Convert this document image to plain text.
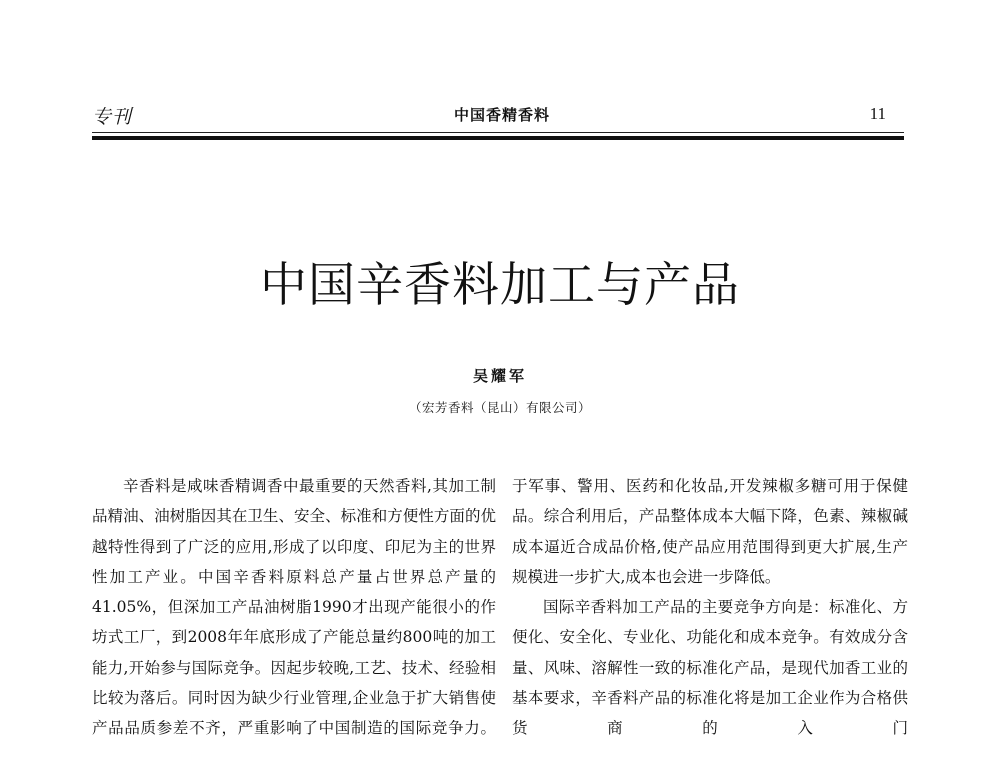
专刊	中国香精香料	11
中国辛香料加工与产品
吴耀军
（宏芳香料（昆山）有限公司）

辛香料是咸味香精调香中最重要的天然香料,其加工制品精油、油树脂因其在卫生、安全、标准和方便性方面的优越特性得到了广泛的应用,形成了以印度、印尼为主的世界性加工产业。中国辛香料原料总产量占世界总产量的41.05%，但深加工产品油树脂1990才出现产能很小的作坊式工厂，到2008年年底形成了产能总量约800吨的加工能力,开始参与国际竞争。因起步较晚,工艺、技术、经验相比较为落后。同时因为缺少行业管理,企业急于扩大销售使产品品质参差不齐，严重影响了中国制造的国际竞争力。

于军事、警用、医药和化妆品,开发辣椒多糖可用于保健品。综合利用后，产品整体成本大幅下降，色素、辣椒碱成本逼近合成品价格,使产品应用范围得到更大扩展,生产规模进一步扩大,成本也会进一步降低。

国际辛香料加工产品的主要竞争方向是：标准化、方便化、安全化、专业化、功能化和成本竞争。有效成分含量、风味、溶解性一致的标准化产品，是现代加香工业的基本要求，辛香料产品的标准化将是加工企业作为合格供货商的入门
